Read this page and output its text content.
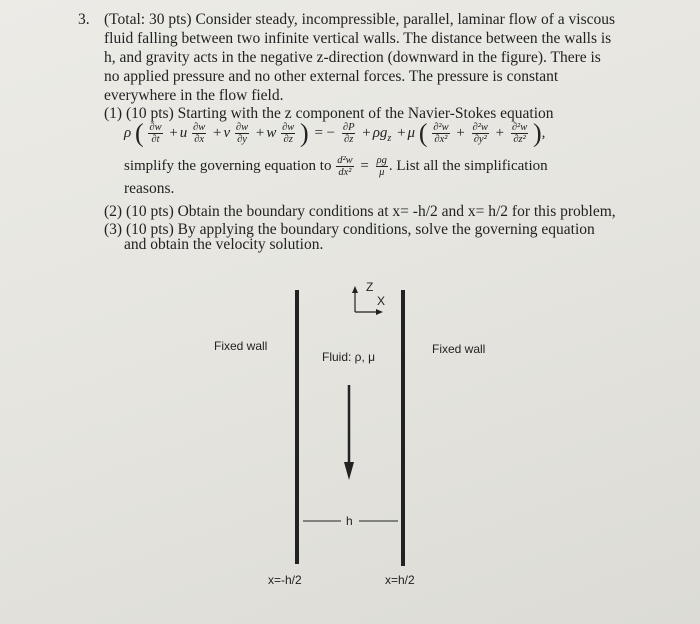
3. (Total: 30 pts) Consider steady, incompressible, parallel, laminar flow of a viscous
fluid falling between two infinite vertical walls. The distance between the walls is
h, and gravity acts in the negative z-direction (downward in the figure). There is
no applied pressure and no other external forces. The pressure is constant
everywhere in the flow field.
(1) (10 pts) Starting with the z component of the Navier-Stokes equation
ρ ( $\frac{\partial w}{\partial t} + u \frac{\partial w}{\partial x} + v \frac{\partial w}{\partial y} + w \frac{\partial w}{\partial z}$ ) = − $\frac{\partial P}{\partial z} + \rho g_z + \mu$ ( $\frac{\text{∂²w}}{\text{∂x²}} + \frac{\text{∂²w}}{\text{∂y²}} + \frac{\text{∂²w}}{\text{∂z²}}$ ),
simplify the governing equation to $\frac{\text{d²w}}{\text{dx²}} = \frac{\rho g}{\mu}$ . List all the simplification
reasons.
(2) (10 pts) Obtain the boundary conditions at x= -h/2 and x= h/2 for this problem,
(3) (10 pts) By applying the boundary conditions, solve the governing equation
and obtain the velocity solution.
Z
X
Fixed wall	Fixed wall
Fluid: ρ, μ
h
x=-h/2	x=h/2
